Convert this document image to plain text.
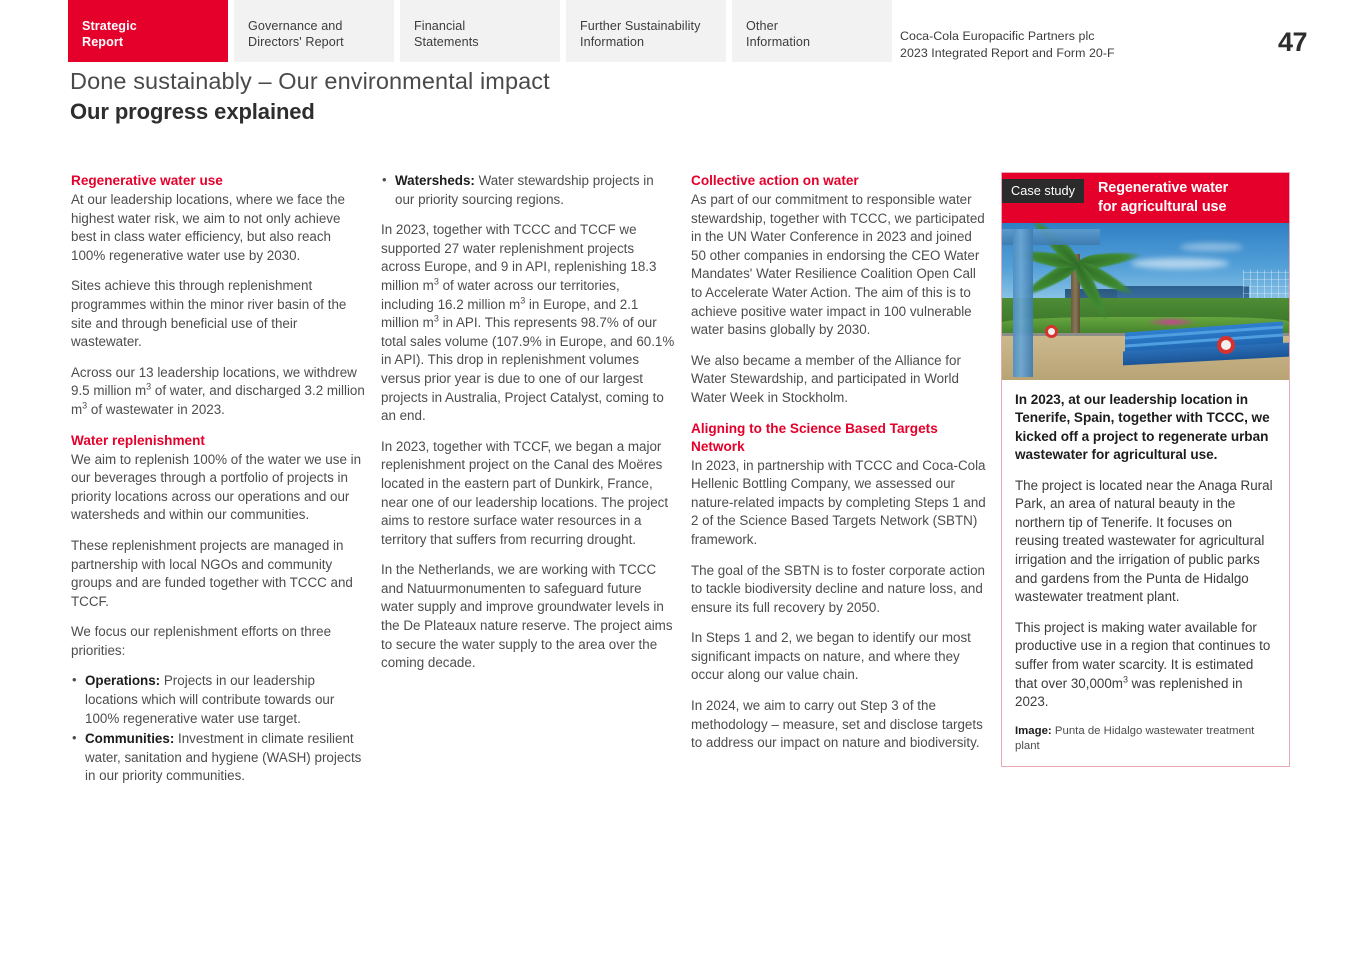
Strategic
Report
Governance and
Directors' Report
Financial
Statements
Further Sustainability
Information
Other
Information	Coca-Cola Europacific Partners plc
2023 Integrated Report and Form 20-F	47
Done sustainably – Our environmental impact
Our progress explained
Regenerative water use

At our leadership locations, where we face the highest water risk, we aim to not only achieve best in class water efficiency, but also reach 100% regenerative water use by 2030.

Sites achieve this through replenishment programmes within the minor river basin of the site and through beneficial use of their wastewater.

Across our 13 leadership locations, we withdrew 9.5 million $m^3$ of water, and discharged 3.2 million $m^3$ of wastewater in 2023.

Water replenishment

We aim to replenish 100% of the water we use in our beverages through a portfolio of projects in priority locations across our operations and our watersheds and within our communities.

These replenishment projects are managed in partnership with local NGOs and community groups and are funded together with TCCC and TCCF.

We focus our replenishment efforts on three priorities:

• Operations: Projects in our leadership locations which will contribute towards our 100% regenerative water use target.
• Communities: Investment in climate resilient water, sanitation and hygiene (WASH) projects in our priority communities.
• Watersheds: Water stewardship projects in our priority sourcing regions.

In 2023, together with TCCC and TCCF we supported 27 water replenishment projects across Europe, and 9 in API, replenishing 18.3 million $m^3$ of water across our territories, including 16.2 million $m^3$ in Europe, and 2.1 million $m^3$ in API. This represents 98.7% of our total sales volume (107.9% in Europe, and 60.1% in API). This drop in replenishment volumes versus prior year is due to one of our largest projects in Australia, Project Catalyst, coming to an end.

In 2023, together with TCCF, we began a major replenishment project on the Canal des Moëres located in the eastern part of Dunkirk, France, near one of our leadership locations. The project aims to restore surface water resources in a territory that suffers from recurring drought.

In the Netherlands, we are working with TCCC and Natuurmonumenten to safeguard future water supply and improve groundwater levels in the De Plateaux nature reserve. The project aims to secure the water supply to the area over the coming decade.

Collective action on water

As part of our commitment to responsible water stewardship, together with TCCC, we participated in the UN Water Conference in 2023 and joined 50 other companies in endorsing the CEO Water Mandates' Water Resilience Coalition Open Call to Accelerate Water Action. The aim of this is to achieve positive water impact in 100 vulnerable water basins globally by 2030.

We also became a member of the Alliance for Water Stewardship, and participated in World Water Week in Stockholm.

Aligning to the Science Based Targets Network

In 2023, in partnership with TCCC and Coca-Cola Hellenic Bottling Company, we assessed our nature-related impacts by completing Steps 1 and 2 of the Science Based Targets Network (SBTN) framework.

The goal of the SBTN is to foster corporate action to tackle biodiversity decline and nature loss, and ensure its full recovery by 2050.

In Steps 1 and 2, we began to identify our most significant impacts on nature, and where they occur along our value chain.

In 2024, we aim to carry out Step 3 of the methodology – measure, set and disclose targets to address our impact on nature and biodiversity.

Case study	Regenerative water
for agricultural use

In 2023, at our leadership location in Tenerife, Spain, together with TCCC, we kicked off a project to regenerate urban wastewater for agricultural use.

The project is located near the Anaga Rural Park, an area of natural beauty in the northern tip of Tenerife. It focuses on reusing treated wastewater for agricultural irrigation and the irrigation of public parks and gardens from the Punta de Hidalgo wastewater treatment plant.

This project is making water available for productive use in a region that continues to suffer from water scarcity. It is estimated that over $30,000m^3$ was replenished in 2023.

Image: Punta de Hidalgo wastewater treatment plant
